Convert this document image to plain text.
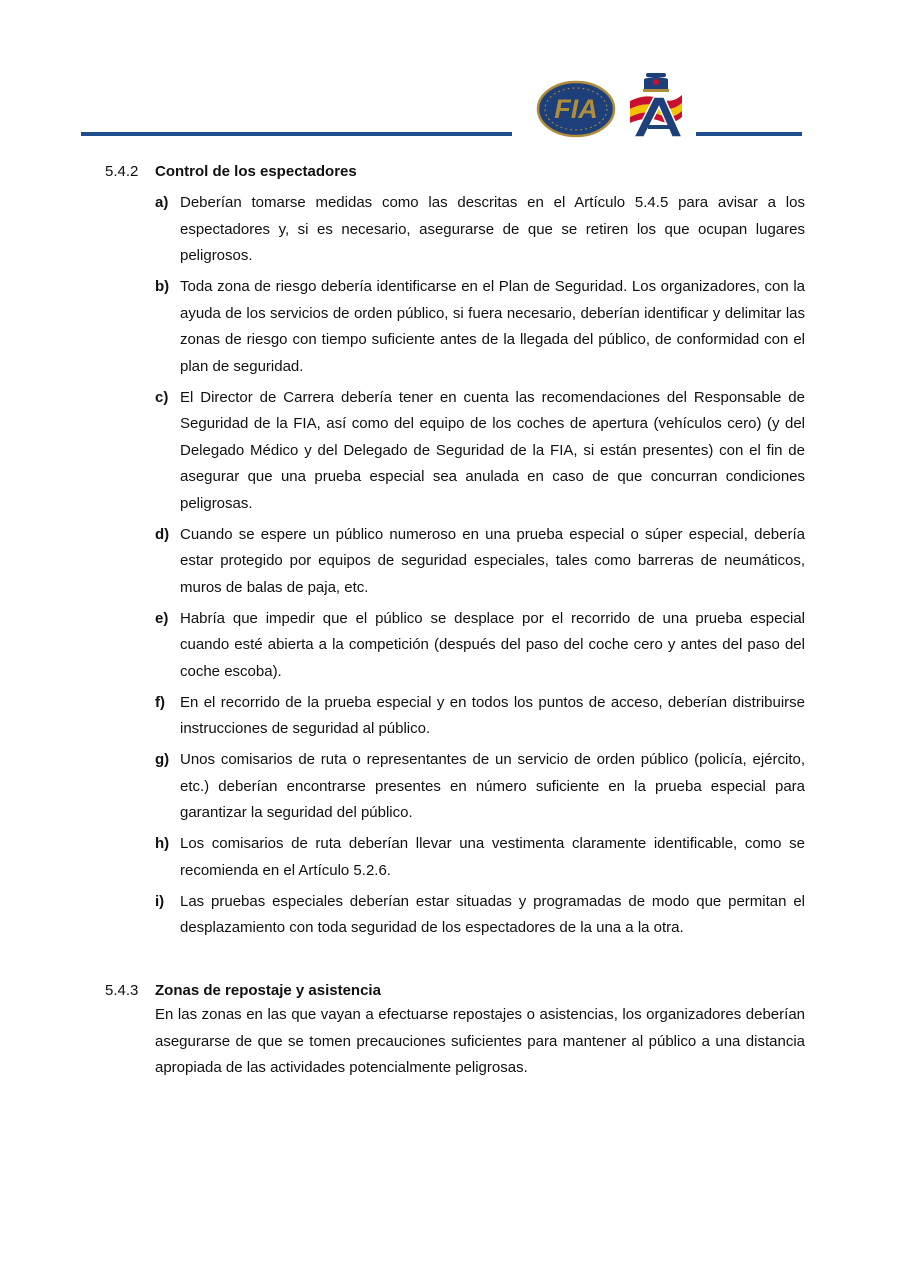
FIA
5.4.2 Control de los espectadores
a) Deberían tomarse medidas como las descritas en el Artículo 5.4.5 para avisar a los espectadores y, si es necesario, asegurarse de que se retiren los que ocupan lugares peligrosos.
b) Toda zona de riesgo debería identificarse en el Plan de Seguridad. Los organizadores, con la ayuda de los servicios de orden público, si fuera necesario, deberían identificar y delimitar las zonas de riesgo con tiempo suficiente antes de la llegada del público, de conformidad con el plan de seguridad.
c) El Director de Carrera debería tener en cuenta las recomendaciones del Responsable de Seguridad de la FIA, así como del equipo de los coches de apertura (vehículos cero) (y del Delegado Médico y del Delegado de Seguridad de la FIA, si están presentes) con el fin de asegurar que una prueba especial sea anulada en caso de que concurran condiciones peligrosas.
d) Cuando se espere un público numeroso en una prueba especial o súper especial, debería estar protegido por equipos de seguridad especiales, tales como barreras de neumáticos, muros de balas de paja, etc.
e) Habría que impedir que el público se desplace por el recorrido de una prueba especial cuando esté abierta a la competición (después del paso del coche cero y antes del paso del coche escoba).
f) En el recorrido de la prueba especial y en todos los puntos de acceso, deberían distribuirse instrucciones de seguridad al público.
g) Unos comisarios de ruta o representantes de un servicio de orden público (policía, ejército, etc.) deberían encontrarse presentes en número suficiente en la prueba especial para garantizar la seguridad del público.
h) Los comisarios de ruta deberían llevar una vestimenta claramente identificable, como se recomienda en el Artículo 5.2.6.
i) Las pruebas especiales deberían estar situadas y programadas de modo que permitan el desplazamiento con toda seguridad de los espectadores de la una a la otra.
5.4.3 Zonas de repostaje y asistencia
En las zonas en las que vayan a efectuarse repostajes o asistencias, los organizadores deberían asegurarse de que se tomen precauciones suficientes para mantener al público a una distancia apropiada de las actividades potencialmente peligrosas.
